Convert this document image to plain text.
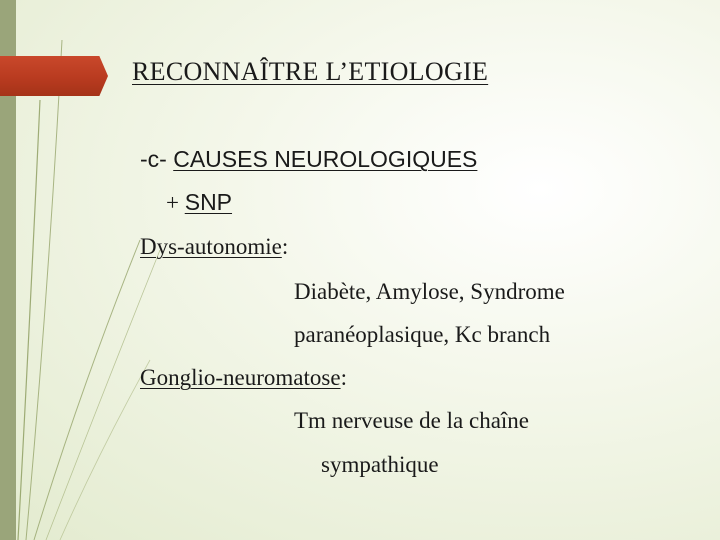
RECONNAÎTRE L’ETIOLOGIE

-c- CAUSES NEUROLOGIQUES

+ SNP

Dys-autonomie:

Diabète, Amylose, Syndrome

paranéoplasique, Kc branch

Gonglio-neuromatose:

Tm nerveuse de la chaîne

sympathique
